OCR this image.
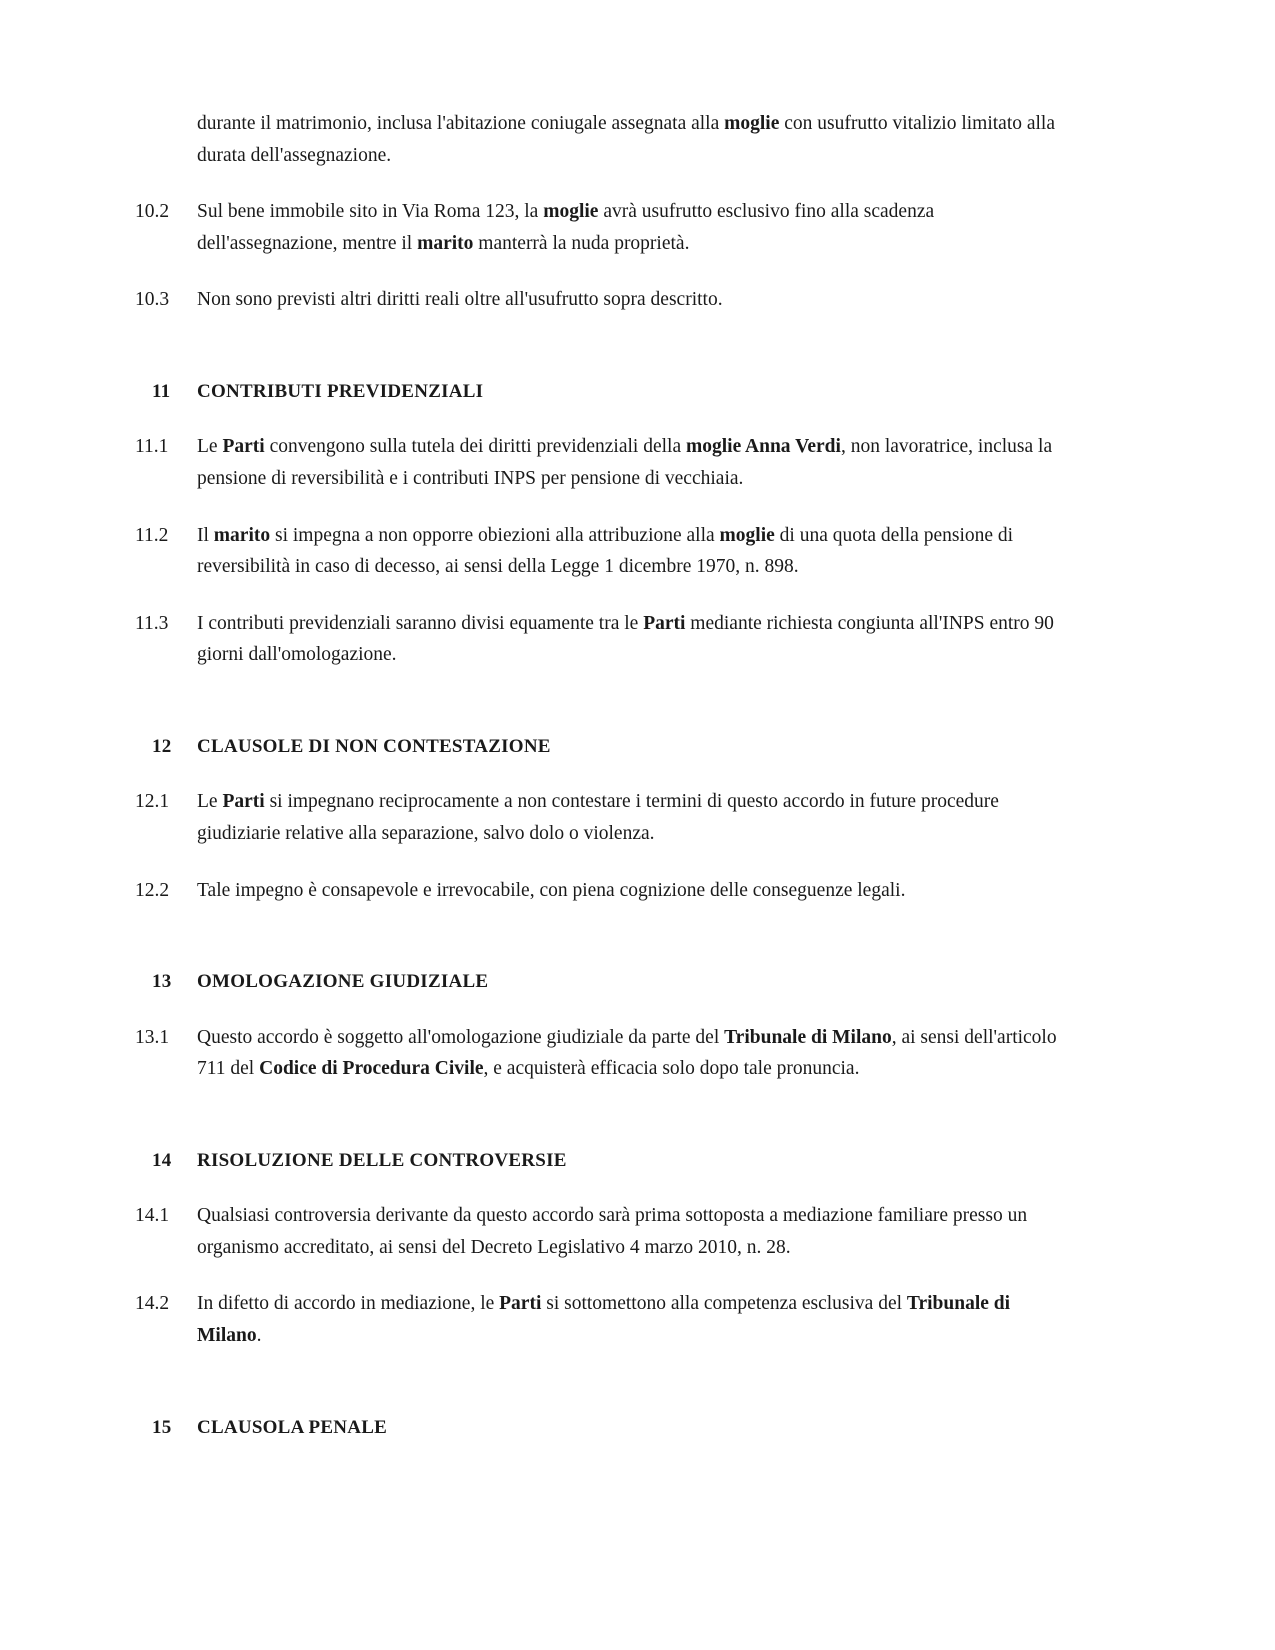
durante il matrimonio, inclusa l'abitazione coniugale assegnata alla moglie con usufrutto vitalizio limitato alla durata dell'assegnazione.

10.2	Sul bene immobile sito in Via Roma 123, la moglie avrà usufrutto esclusivo fino alla scadenza dell'assegnazione, mentre il marito manterrà la nuda proprietà.
10.3	Non sono previsti altri diritti reali oltre all'usufrutto sopra descritto.
11	CONTRIBUTI PREVIDENZIALI
11.1	Le Parti convengono sulla tutela dei diritti previdenziali della moglie Anna Verdi, non lavoratrice, inclusa la pensione di reversibilità e i contributi INPS per pensione di vecchiaia.
11.2	Il marito si impegna a non opporre obiezioni alla attribuzione alla moglie di una quota della pensione di reversibilità in caso di decesso, ai sensi della Legge 1 dicembre 1970, n. 898.
11.3	I contributi previdenziali saranno divisi equamente tra le Parti mediante richiesta congiunta all'INPS entro 90 giorni dall'omologazione.
12	CLAUSOLE DI NON CONTESTAZIONE
12.1	Le Parti si impegnano reciprocamente a non contestare i termini di questo accordo in future procedure giudiziarie relative alla separazione, salvo dolo o violenza.
12.2	Tale impegno è consapevole e irrevocabile, con piena cognizione delle conseguenze legali.
13	OMOLOGAZIONE GIUDIZIALE
13.1	Questo accordo è soggetto all'omologazione giudiziale da parte del Tribunale di Milano, ai sensi dell'articolo 711 del Codice di Procedura Civile, e acquisterà efficacia solo dopo tale pronuncia.
14	RISOLUZIONE DELLE CONTROVERSIE
14.1	Qualsiasi controversia derivante da questo accordo sarà prima sottoposta a mediazione familiare presso un organismo accreditato, ai sensi del Decreto Legislativo 4 marzo 2010, n. 28.
14.2	In difetto di accordo in mediazione, le Parti si sottomettono alla competenza esclusiva del Tribunale di Milano.
15	CLAUSOLA PENALE
